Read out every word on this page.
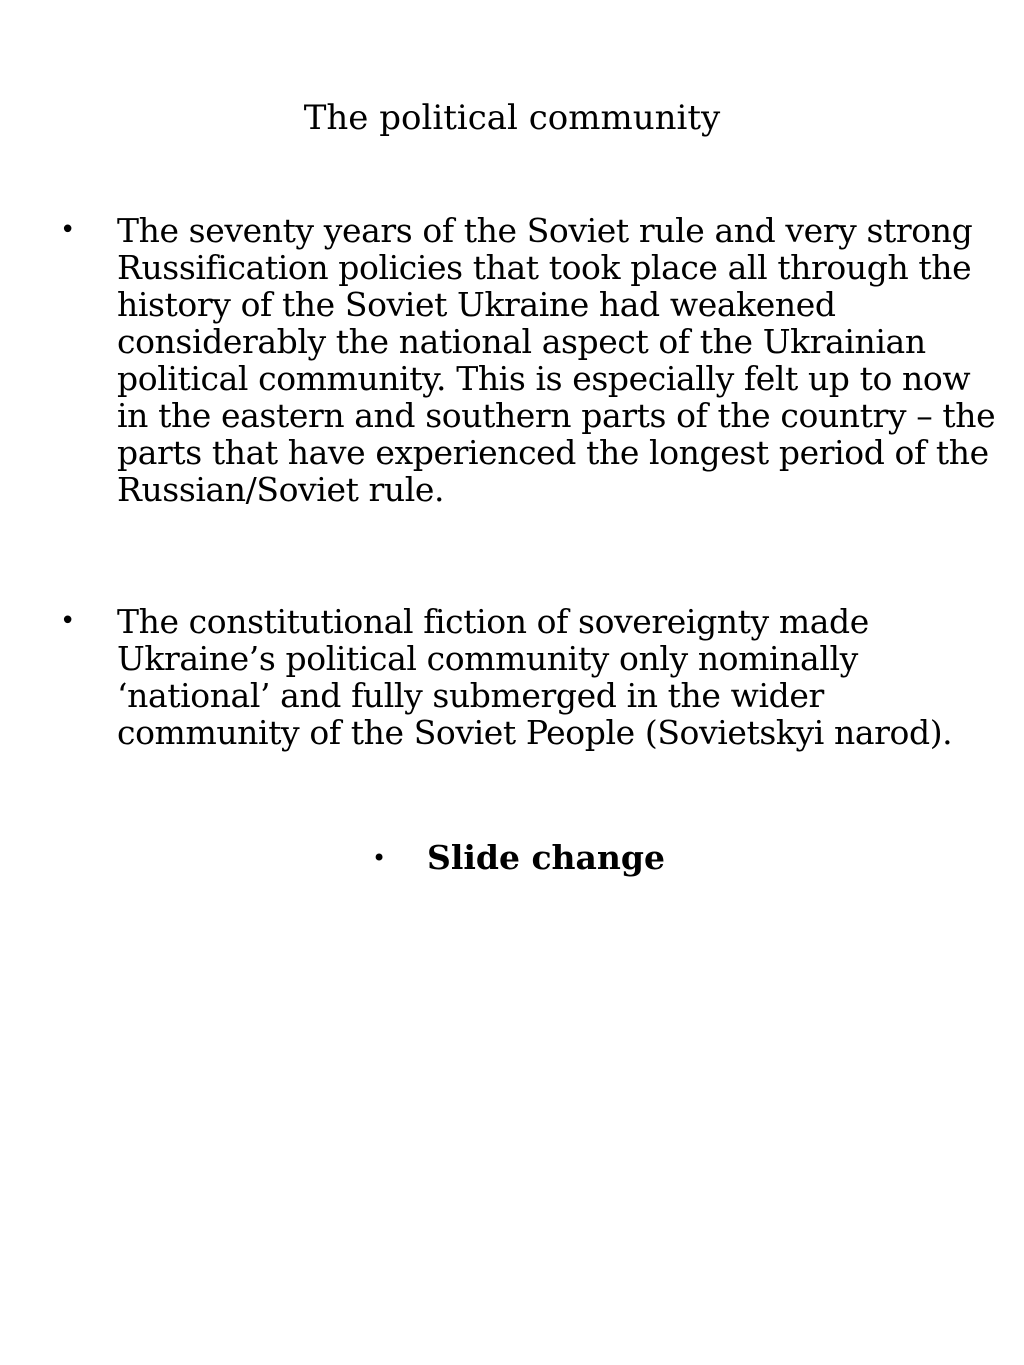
The political community
•	The seventy years of the Soviet rule and very strong Russification policies that took place all through the history of the Soviet Ukraine had weakened considerably the national aspect of the Ukrainian political community. This is especially felt up to now in the eastern and southern parts of the country – the parts that have experienced the longest period of the Russian/Soviet rule.
•	The constitutional fiction of sovereignty made Ukraine’s political community only nominally ‘national’ and fully submerged in the wider community of the Soviet People (Sovietskyi narod).
•	Slide change
